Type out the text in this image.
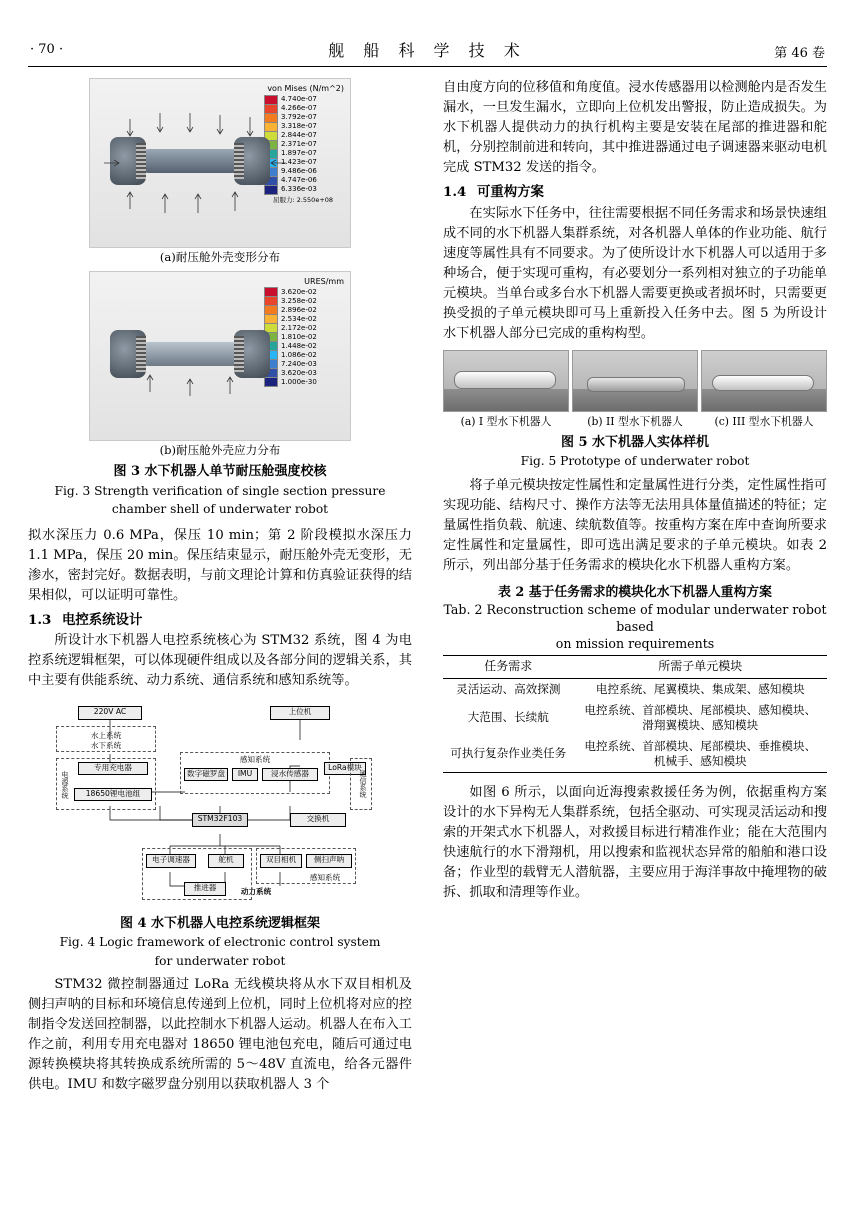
· 70 ·	舰 船 科 学 技 术	第 46 卷
von Mises (N/m^2)
4.740e-07
4.266e-07
3.792e-07
3.318e-07
2.844e-07
2.371e-07
1.897e-07
1.423e-07
9.486e-06
4.747e-06
6.336e-03
屈服力: 2.550e+08
(a)耐压舱外壳变形分布
URES/mm
3.620e-02
3.258e-02
2.896e-02
2.534e-02
2.172e-02
1.810e-02
1.448e-02
1.086e-02
7.240e-03
3.620e-03
1.000e-30
(b)耐压舱外壳应力分布
图 3 水下机器人单节耐压舱强度校核
Fig. 3 Strength verification of single section pressure
chamber shell of underwater robot

拟水深压力 0.6 MPa，保压 10 min；第 2 阶段模拟水深压力 1.1 MPa，保压 20 min。保压结束显示，耐压舱外壳无变形，无渗水，密封完好。数据表明，与前文理论计算和仿真验证获得的结果相似，可以证明可靠性。

1.3 电控系统设计

所设计水下机器人电控系统核心为 STM32 系统，图 4 为电控系统逻辑框架，可以体现硬件组成以及各部分间的逻辑关系，其中主要有供能系统、动力系统、通信系统和感知系统等。

220V AC	上位机
水上系统
水下系统
电源系统
专用充电器
18650锂电池组
感知系统
数字磁罗盘	IMU	浸水传感器
LoRa模块
通信系统
STM32F103	交换机
电子调速器	舵机	双目相机	侧扫声呐
推进器	动力系统
感知系统
图 4 水下机器人电控系统逻辑框架
Fig. 4 Logic framework of electronic control system
for underwater robot

STM32 微控制器通过 LoRa 无线模块将从水下双目相机及侧扫声呐的目标和环境信息传递到上位机，同时上位机将对应的控制指令发送回控制器，以此控制水下机器人运动。机器人在布入工作之前，利用专用充电器对 18650 锂电池包充电，随后可通过电源转换模块将其转换成系统所需的 5～48V 直流电，给各元器件供电。IMU 和数字磁罗盘分别用以获取机器人 3 个

自由度方向的位移值和角度值。浸水传感器用以检测舱内是否发生漏水，一旦发生漏水，立即向上位机发出警报，防止造成损失。为水下机器人提供动力的执行机构主要是安装在尾部的推进器和舵机，分别控制前进和转向，其中推进器通过电子调速器来驱动电机完成 STM32 发送的指令。

1.4 可重构方案

在实际水下任务中，往往需要根据不同任务需求和场景快速组成不同的水下机器人集群系统，对各机器人单体的作业功能、航行速度等属性具有不同要求。为了使所设计水下机器人可以适用于多种场合，便于实现可重构，有必要划分一系列相对独立的子功能单元模块。当单台或多台水下机器人需要更换或者损坏时，只需要更换受损的子单元模块即可马上重新投入任务中去。图 5 为所设计水下机器人部分已完成的重构构型。

(a) I 型水下机器人	(b) II 型水下机器人	(c) III 型水下机器人
图 5 水下机器人实体样机
Fig. 5 Prototype of underwater robot

将子单元模块按定性属性和定量属性进行分类，定性属性指可实现功能、结构尺寸、操作方法等无法用具体量值描述的特征；定量属性指负载、航速、续航数值等。按重构方案在库中查询所要求定性属性和定量属性，即可选出满足要求的子单元模块。如表 2 所示，列出部分基于任务需求的模块化水下机器人重构方案。

表 2 基于任务需求的模块化水下机器人重构方案
Tab. 2 Reconstruction scheme of modular underwater robot based
on mission requirements
任务需求	所需子单元模块
灵活运动、高效探测	电控系统、尾翼模块、集成架、感知模块

大范围、长续航	电控系统、首部模块、尾部模块、感知模块、
滑翔翼模块、感知模块

可执行复杂作业类任务	电控系统、首部模块、尾部模块、垂推模块、
机械手、感知模块

如图 6 所示，以面向近海搜索救援任务为例，依据重构方案设计的水下异构无人集群系统，包括全驱动、可实现灵活运动和搜索的开架式水下机器人，对救援目标进行精准作业；能在大范围内快速航行的水下滑翔机，用以搜索和监视状态异常的船舶和港口设备；作业型的载臂无人潜航器，主要应用于海洋事故中掩埋物的破拆、抓取和清理等作业。
